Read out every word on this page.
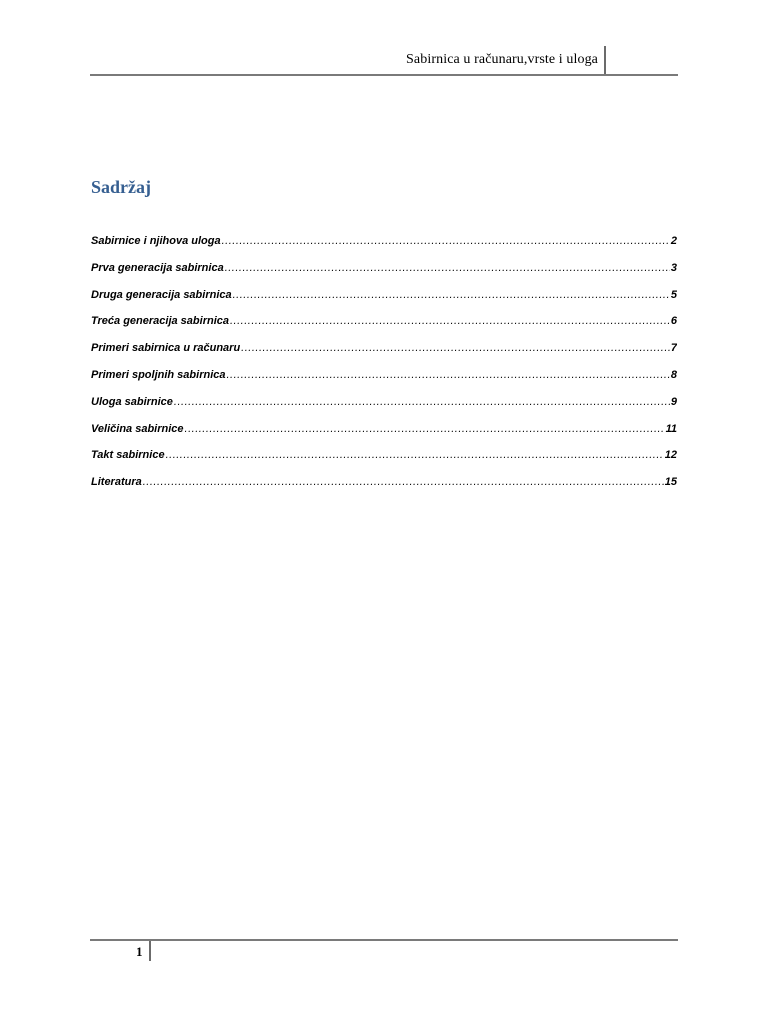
Sabirnica u računaru,vrste i uloga
Sadržaj
Sabirnice i njihova uloga .....	2
Prva generacija sabirnica .....	3
Druga generacija sabirnica .....	5
Treća generacija sabirnica .....	6
Primeri sabirnica u računaru .....	7
Primeri spoljnih sabirnica .....	8
Uloga sabirnice .....	9
Veličina sabirnice .....	11
Takt sabirnice .....	12
Literatura .....	15
1
